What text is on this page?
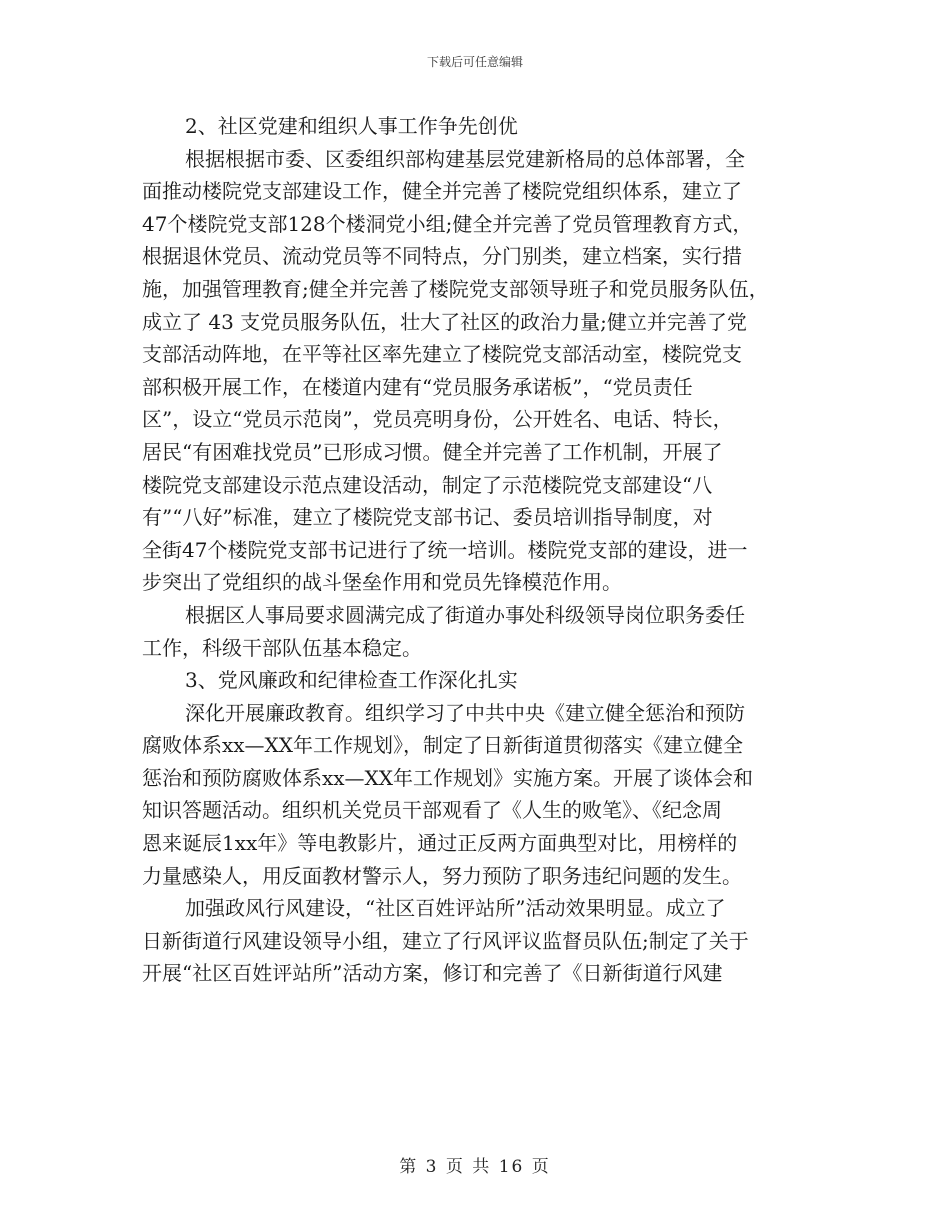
下载后可任意编辑
2、社区党建和组织人事工作争先创优
根据根据市委、区委组织部构建基层党建新格局的总体部署，全
面推动楼院党支部建设工作，健全并完善了楼院党组织体系，建立了
47个楼院党支部128个楼洞党小组;健全并完善了党员管理教育方式，
根据退休党员、流动党员等不同特点，分门别类，建立档案，实行措
施，加强管理教育;健全并完善了楼院党支部领导班子和党员服务队伍，
成立了 43 支党员服务队伍，壮大了社区的政治力量;健立并完善了党
支部活动阵地，在平等社区率先建立了楼院党支部活动室，楼院党支
部积极开展工作，在楼道内建有“党员服务承诺板”，“党员责任
区”，设立“党员示范岗”，党员亮明身份，公开姓名、电话、特长，
居民“有困难找党员”已形成习惯。健全并完善了工作机制，开展了
楼院党支部建设示范点建设活动，制定了示范楼院党支部建设“八
有”“八好”标准，建立了楼院党支部书记、委员培训指导制度，对
全街47个楼院党支部书记进行了统一培训。楼院党支部的建设，进一
步突出了党组织的战斗堡垒作用和党员先锋模范作用。
根据区人事局要求圆满完成了街道办事处科级领导岗位职务委任
工作，科级干部队伍基本稳定。
3、党风廉政和纪律检查工作深化扎实
深化开展廉政教育。组织学习了中共中央《建立健全惩治和预防
腐败体系xx—XX年工作规划》，制定了日新街道贯彻落实《建立健全
惩治和预防腐败体系xx—XX年工作规划》实施方案。开展了谈体会和
知识答题活动。组织机关党员干部观看了《人生的败笔》、《纪念周
恩来诞辰1xx年》等电教影片，通过正反两方面典型对比，用榜样的
力量感染人，用反面教材警示人，努力预防了职务违纪问题的发生。
加强政风行风建设，“社区百姓评站所”活动效果明显。成立了
日新街道行风建设领导小组，建立了行风评议监督员队伍;制定了关于
开展“社区百姓评站所”活动方案，修订和完善了《日新街道行风建
第 3 页 共 16 页
